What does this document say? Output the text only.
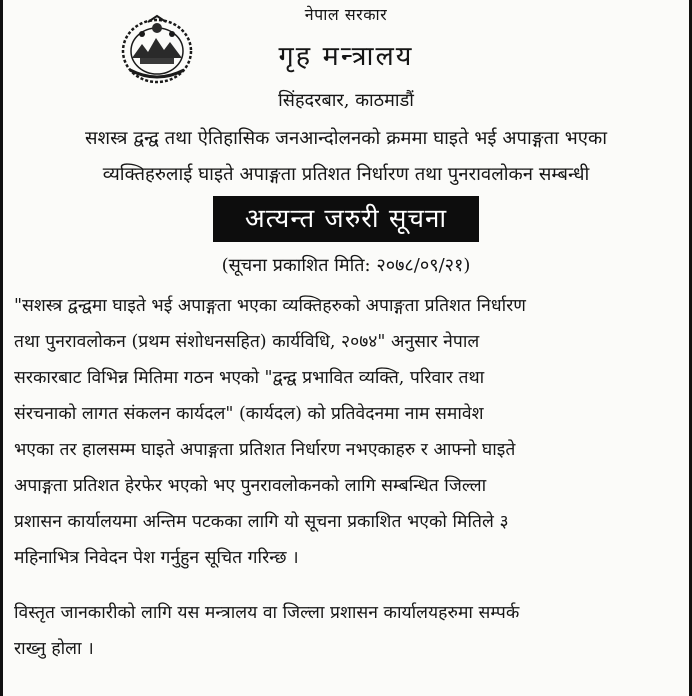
नेपाल सरकार
गृह मन्त्रालय
सिंहदरबार, काठमाडौं
सशस्त्र द्वन्द्व तथा ऐतिहासिक जनआन्दोलनको क्रममा घाइते भई अपाङ्गता भएका
व्यक्तिहरुलाई घाइते अपाङ्गता प्रतिशत निर्धारण तथा पुनरावलोकन सम्बन्धी
अत्यन्त जरुरी सूचना
(सूचना प्रकाशित मिति: २०७८/०९/२१)
"सशस्त्र द्वन्द्वमा घाइते भई अपाङ्गता भएका व्यक्तिहरुको अपाङ्गता प्रतिशत निर्धारण
तथा पुनरावलोकन (प्रथम संशोधनसहित) कार्यविधि, २०७४" अनुसार नेपाल
सरकारबाट विभिन्न मितिमा गठन भएको "द्वन्द्व प्रभावित व्यक्ति, परिवार तथा
संरचनाको लागत संकलन कार्यदल" (कार्यदल) को प्रतिवेदनमा नाम समावेश
भएका तर हालसम्म घाइते अपाङ्गता प्रतिशत निर्धारण नभएकाहरु र आफ्नो घाइते
अपाङ्गता प्रतिशत हेरफेर भएको भए पुनरावलोकनको लागि सम्बन्धित जिल्ला
प्रशासन कार्यालयमा अन्तिम पटकका लागि यो सूचना प्रकाशित भएको मितिले ३
महिनाभित्र निवेदन पेश गर्नुहुन सूचित गरिन्छ ।
विस्तृत जानकारीको लागि यस मन्त्रालय वा जिल्ला प्रशासन कार्यालयहरुमा सम्पर्क
राख्नु होला ।
